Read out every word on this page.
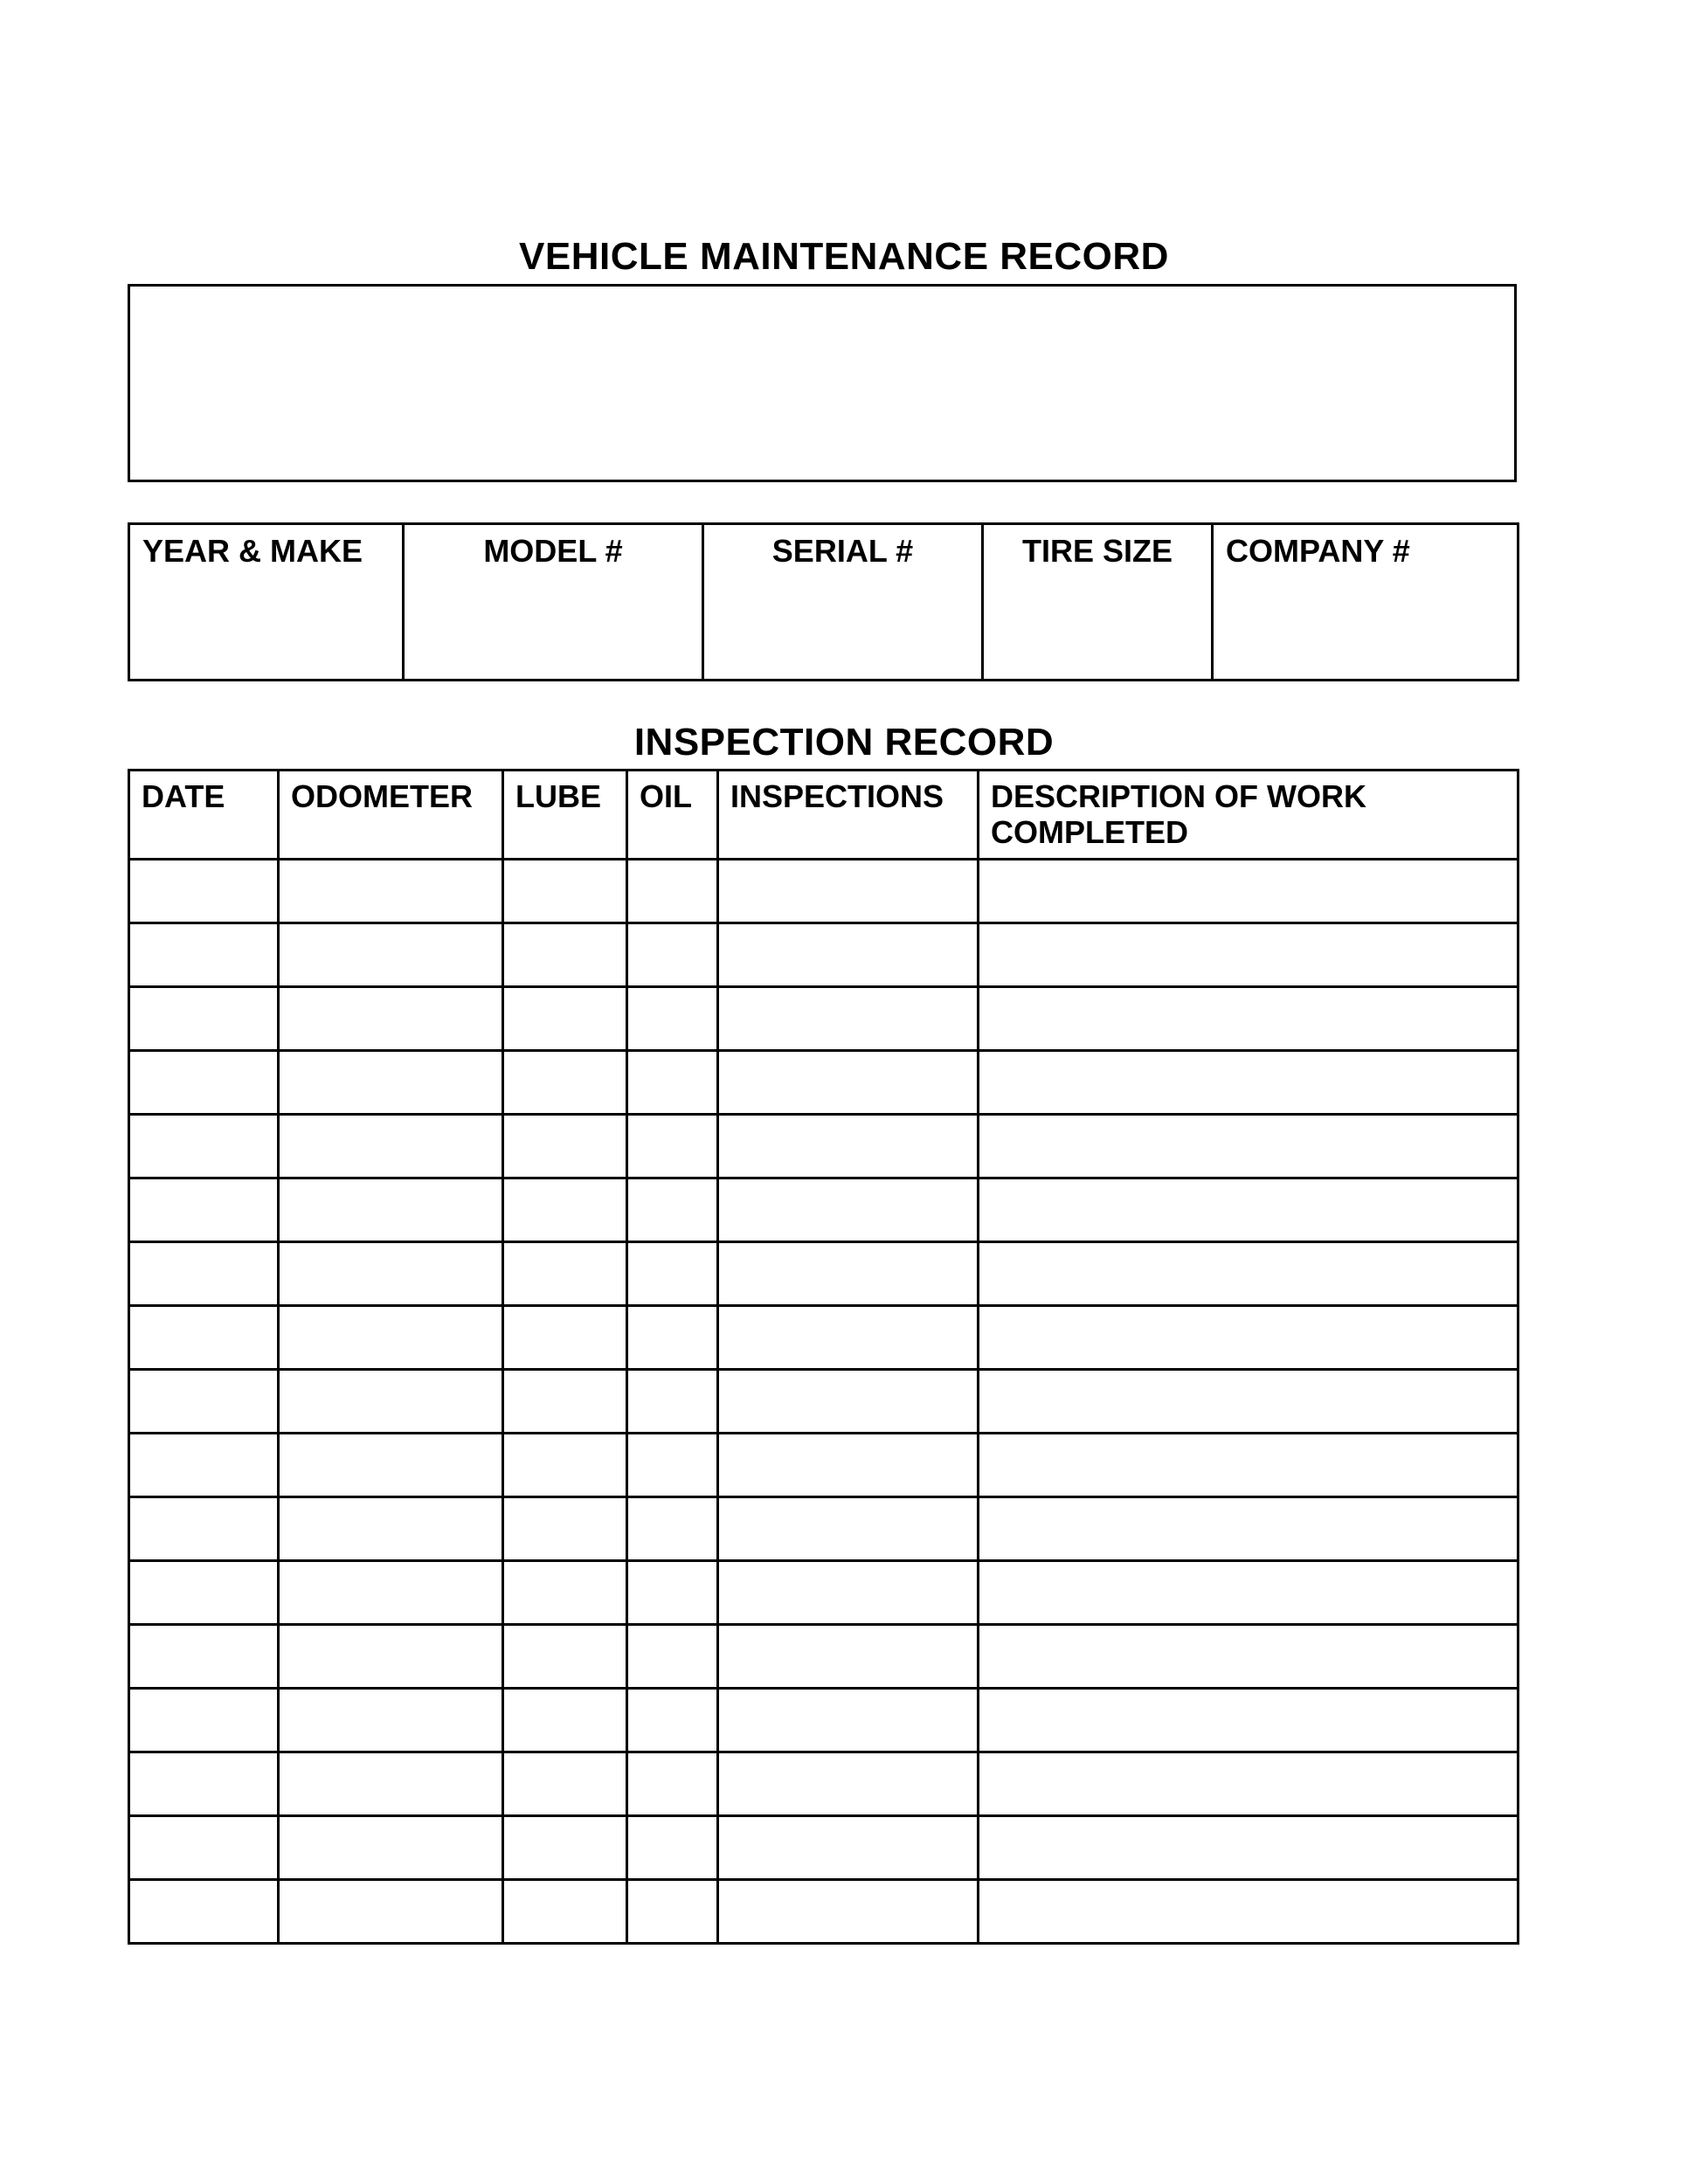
VEHICLE MAINTENANCE RECORD
YEAR & MAKE	MODEL #	SERIAL #	TIRE SIZE	COMPANY #
INSPECTION RECORD
DATE	ODOMETER	LUBE	OIL	INSPECTIONS	DESCRIPTION OF WORK COMPLETED
